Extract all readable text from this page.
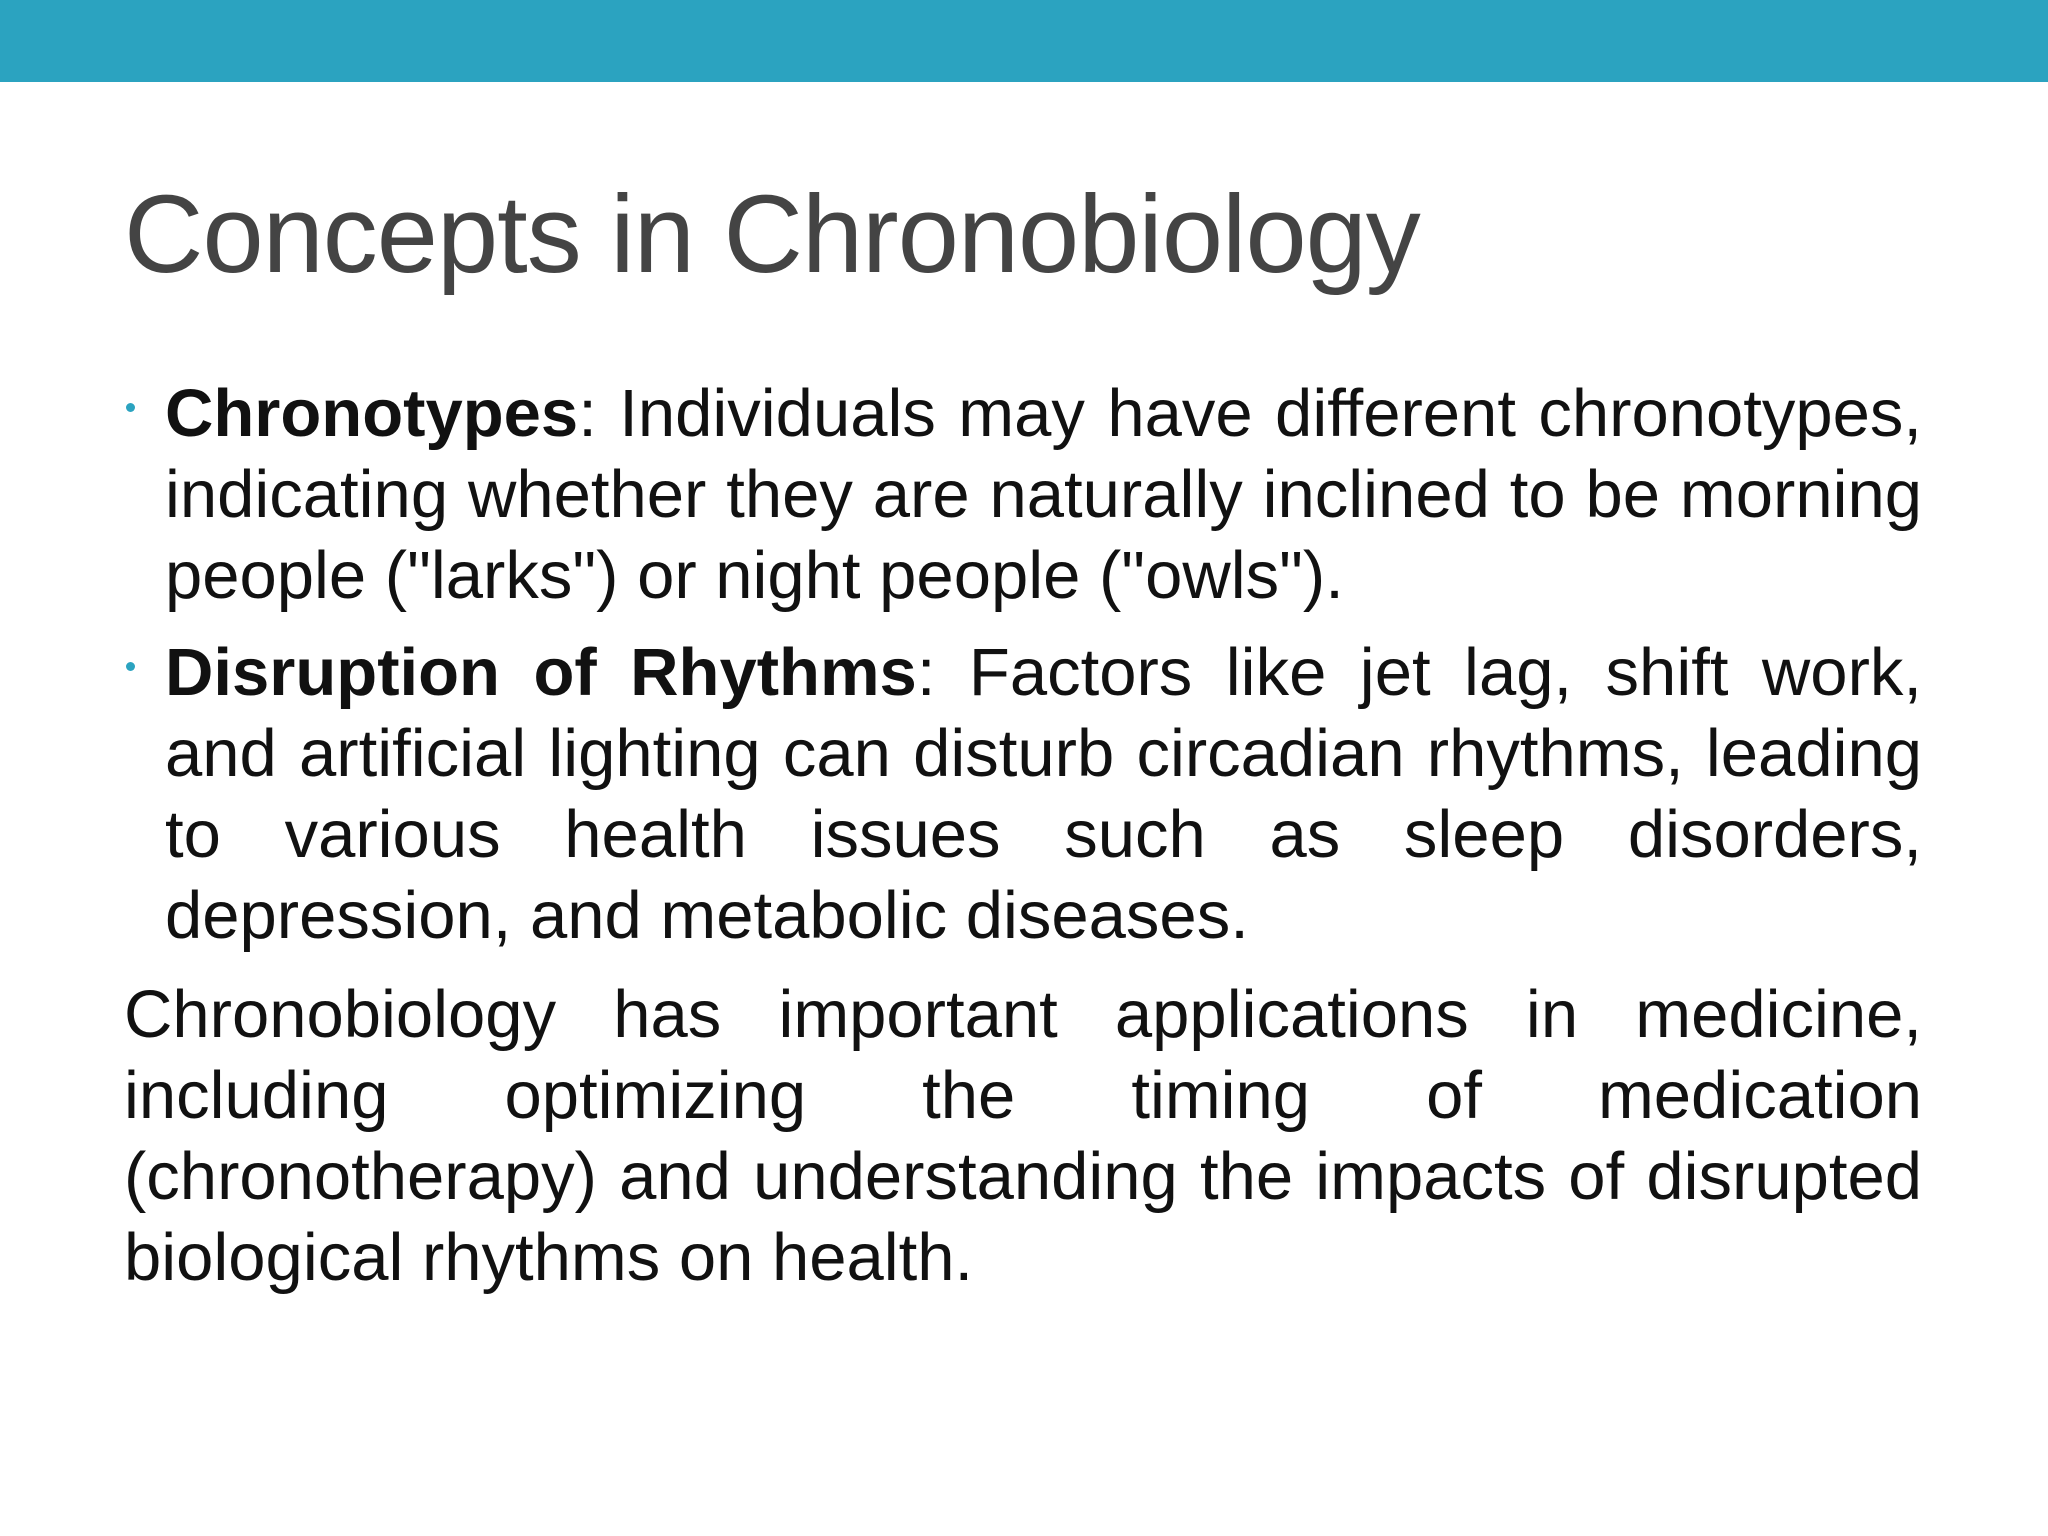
Concepts in Chronobiology
Chronotypes: Individuals may have different chronotypes, indicating whether they are naturally inclined to be morning people ("larks") or night people ("owls").
Disruption of Rhythms: Factors like jet lag, shift work, and artificial lighting can disturb circadian rhythms, leading to various health issues such as sleep disorders, depression, and metabolic diseases.

Chronobiology has important applications in medicine, including optimizing the timing of medication (chronotherapy) and understanding the impacts of disrupted biological rhythms on health.
